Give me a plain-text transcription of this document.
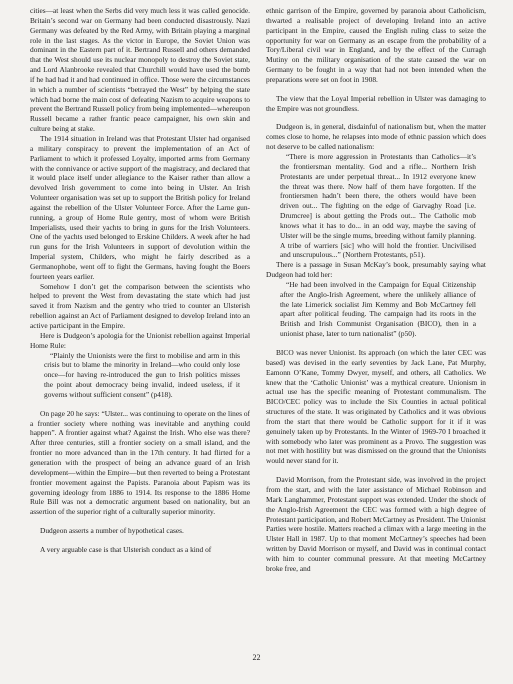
cities—at least when the Serbs did very much less it was called genocide. Britain’s second war on Germany had been conducted disastrously. Nazi Germany was defeated by the Red Army, with Britain playing a marginal role in the last stages. As the victor in Europe, the Soviet Union was dominant in the Eastern part of it. Bertrand Russell and others demanded that the West should use its nuclear monopoly to destroy the Soviet state, and Lord Alanbrooke revealed that Churchill would have used the bomb if he had had it and had continued in office. Those were the circumstances in which a number of scientists “betrayed the West” by helping the state which had borne the main cost of defeating Nazism to acquire weapons to prevent the Bertrand Russell policy from being implemented—whereupon Russell became a rather frantic peace campaigner, his own skin and culture being at stake.

The 1914 situation in Ireland was that Protestant Ulster had organised a military conspiracy to prevent the implementation of an Act of Parliament to which it professed Loyalty, imported arms from Germany with the connivance or active support of the magistracy, and declared that it would place itself under allegiance to the Kaiser rather than allow a devolved Irish government to come into being in Ulster. An Irish Volunteer organisation was set up to support the British policy for Ireland against the rebellion of the Ulster Volunteer Force. After the Larne gun-running, a group of Home Rule gentry, most of whom were British Imperialists, used their yachts to bring in guns for the Irish Volunteers. One of the yachts used belonged to Erskine Childers. A week after he had run guns for the Irish Volunteers in support of devolution within the Imperial system, Childers, who might he fairly described as a Germanophobe, went off to fight the Germans, having fought the Boers fourteen years earlier.

Somehow I don’t get the comparison between the scientists who helped to prevent the West from devastating the state which had just saved it from Nazism and the gentry who tried to counter an Ulsterish rebellion against an Act of Parliament designed to develop Ireland into an active participant in the Empire.

Here is Dudgeon’s apologia for the Unionist rebellion against Imperial Home Rule:

“Plainly the Unionists were the first to mobilise and arm in this crisis but to blame the minority in Ireland—who could only lose once—for having re-introduced the gun to Irish politics misses the point about democracy being invalid, indeed useless, if it governs without sufficient consent” (p418).

On page 20 he says: “Ulster... was continuing to operate on the lines of a frontier society where nothing was inevitable and anything could happen”. A frontier against what? Against the Irish. Who else was there? After three centuries, still a frontier society on a small island, and the frontier no more advanced than in the 17th century. It had flirted for a generation with the prospect of being an advance guard of an Irish development—within the Empire—but then reverted to being a Protestant frontier movement against the Papists. Paranoia about Papism was its governing ideology from 1886 to 1914. Its response to the 1886 Home Rule Bill was not a democratic argument based on nationality, but an assertion of the superior right of a culturally superior minority.

Dudgeon asserts a number of hypothetical cases.

A very arguable case is that Ulsterish conduct as a kind of

ethnic garrison of the Empire, governed by paranoia about Catholicism, thwarted a realisable project of developing Ireland into an active participant in the Empire, caused the English ruling class to seize the opportunity for war on Germany as an escape from the probability of a Tory/Liberal civil war in England, and by the effect of the Curragh Mutiny on the military organisation of the state caused the war on Germany to be fought in a way that had not been intended when the preparations were set on foot in 1908.

The view that the Loyal Imperial rebellion in Ulster was damaging to the Empire was not groundless.

Dudgeon is, in general, disdainful of nationalism but, when the matter comes close to home, he relapses into mode of ethnic passion which does not deserve to be called nationalism:

“There is more aggression in Protestants than Catholics—it’s the frontiersman mentality. God and a rifle... Northern Irish Protestants are under perpetual threat... In 1912 everyone knew the threat was there. Now half of them have forgotten. If the frontiersmen hadn’t been there, the others would have been driven out... The fighting on the edge of Garvaghy Road [i.e. Drumcree] is about getting the Prods out... The Catholic mob knows what it has to do... in an odd way, maybe the saving of Ulster will be the single mums, breeding without family planning. A tribe of warriers [sic] who will hold the frontier. Uncivilised and unscrupulous...” (Northern Protestants, p51).

There is a passage in Susan McKay’s book, presumably saying what Dudgeon had told her:

“He had been involved in the Campaign for Equal Citizenship after the Anglo-Irish Agreement, where the unlikely alliance of the late Limerick socialist Jim Kemmy and Bob McCartney fell apart after political feuding. The campaign had its roots in the British and Irish Communist Organisation (BICO), then in a unionist phase, later to turn nationalist” (p50).

BICO was never Unionist. Its approach (on which the later CEC was based) was devised in the early seventies by Jack Lane, Pat Murphy, Eamonn O’Kane, Tommy Dwyer, myself, and others, all Catholics. We knew that the ‘Catholic Unionist’ was a mythical creature. Unionism in actual use has the specific meaning of Protestant communalism. The BICO/CEC policy was to include the Six Counties in actual political structures of the state. It was originated by Catholics and it was obvious from the start that there would be Catholic support for it if it was genuinely taken up by Protestants. In the Winter of 1969-70 I broached it with somebody who later was prominent as a Provo. The suggestion was not met with hostility but was dismissed on the ground that the Unionists would never stand for it.

David Morrison, from the Protestant side, was involved in the project from the start, and with the later assistance of Michael Robinson and Mark Langhammer, Protestant support was extended. Under the shock of the Anglo-Irish Agreement the CEC was formed with a high degree of Protestant participation, and Robert McCartney as President. The Unionist Parties were hostile. Matters reached a climax with a large meeting in the Ulster Hall in 1987. Up to that moment McCartney’s speeches had been written by David Morrison or myself, and David was in continual contact with him to counter communal pressure. At that meeting McCartney broke free, and

22
